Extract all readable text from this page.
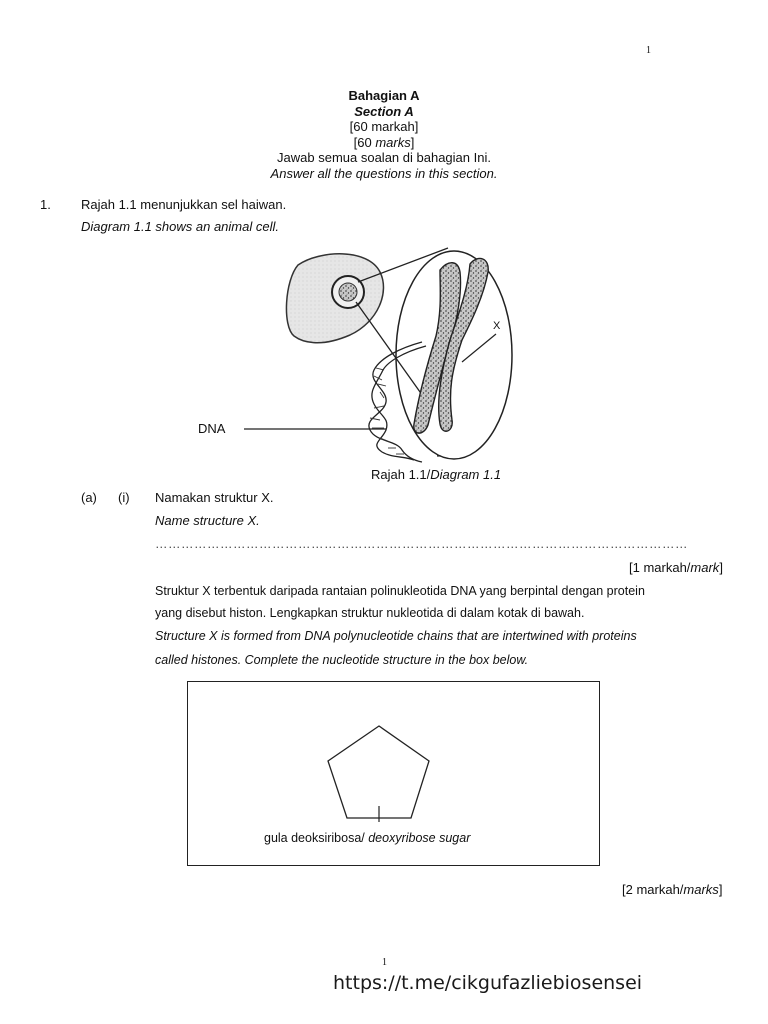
1
Bahagian A
Section A
[60 markah]
[60 marks]
Jawab semua soalan di bahagian Ini.
Answer all the questions in this section.
1. Rajah 1.1 menunjukkan sel haiwan.
Diagram 1.1 shows an animal cell.
X
DNA
Rajah 1.1/Diagram 1.1
(a) (i) Namakan struktur X.
Name structure X.
……………………………………………………………………………………………………………
[1 markah/mark]
Struktur X terbentuk daripada rantaian polinukleotida DNA yang berpintal dengan protein
yang disebut histon. Lengkapkan struktur nukleotida di dalam kotak di bawah.
Structure X is formed from DNA polynucleotide chains that are intertwined with proteins
called histones. Complete the nucleotide structure in the box below.
gula deoksiribosa/ deoxyribose sugar
[2 markah/marks]
1
https://t.me/cikgufazliebiosensei
